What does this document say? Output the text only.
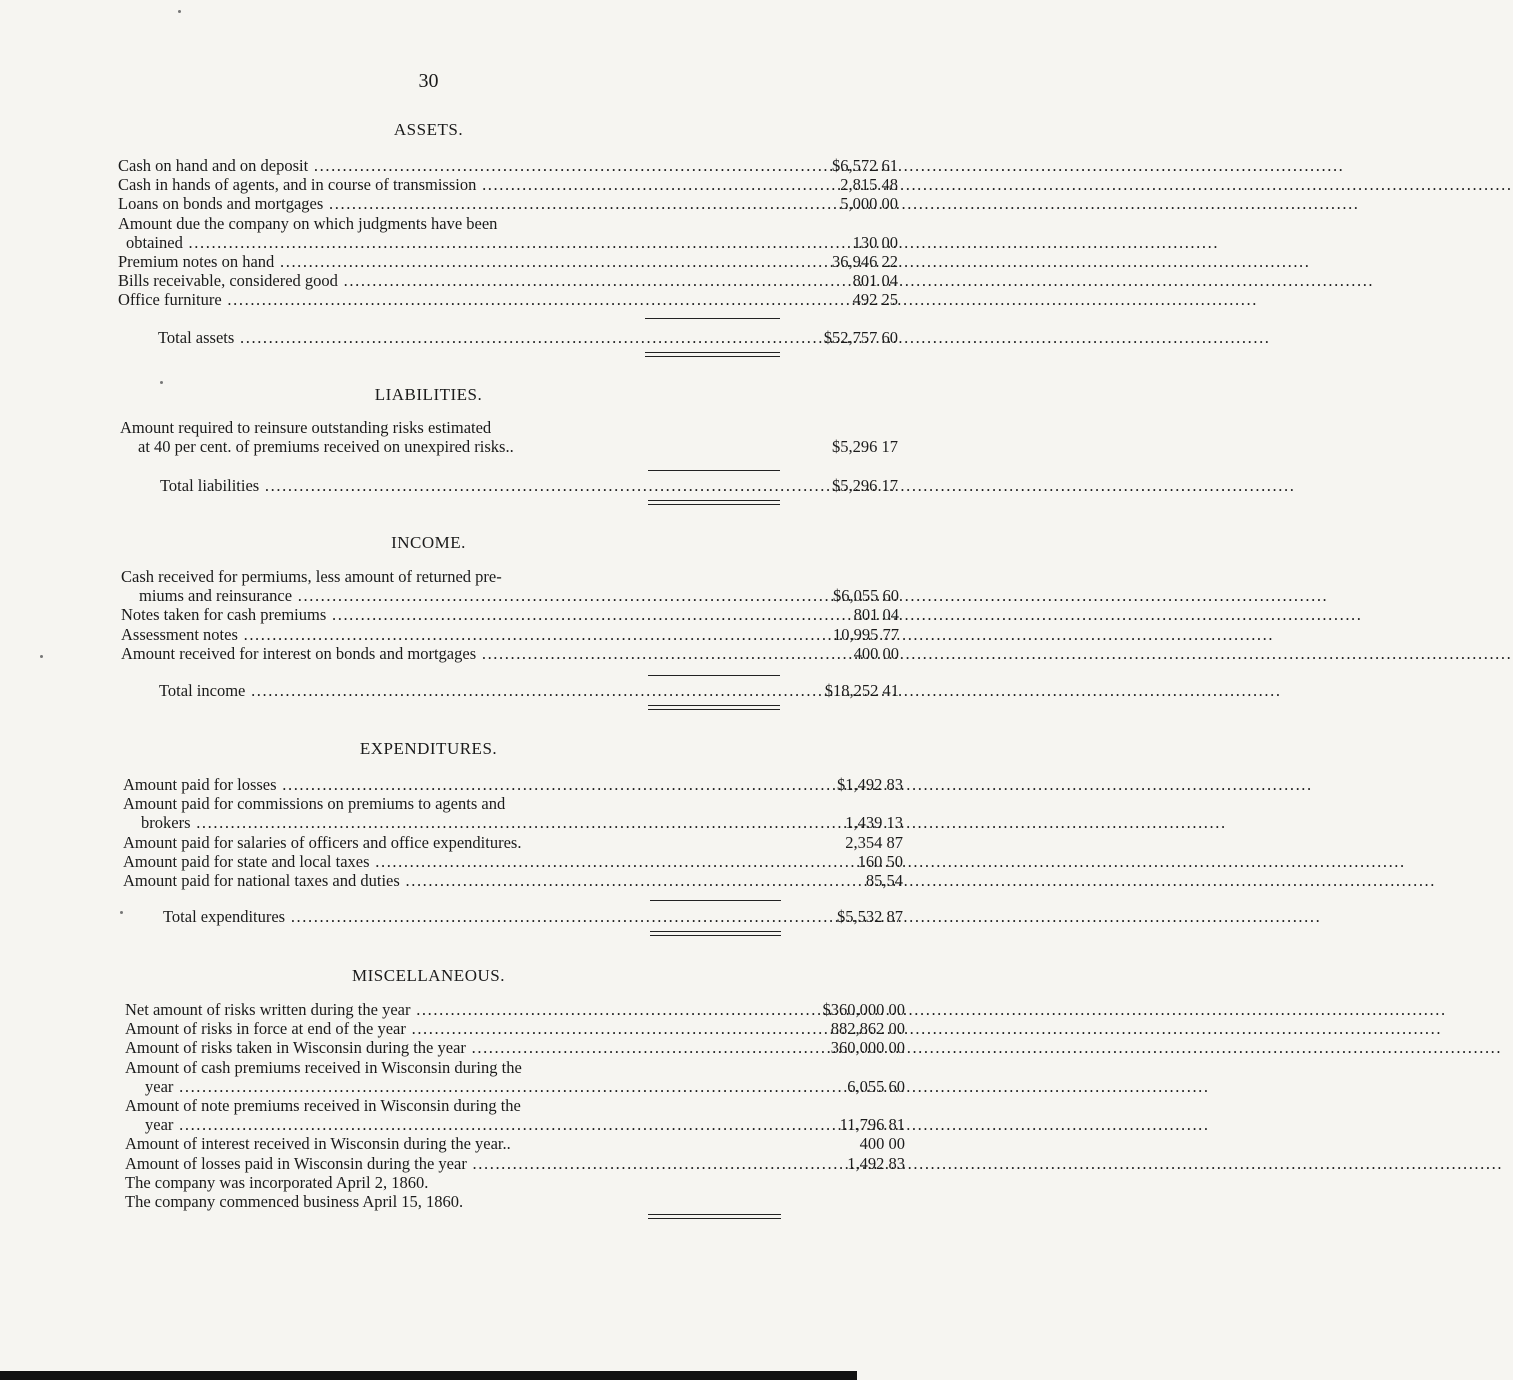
30
ASSETS.
Cash on hand and on deposit .....	$6,572 61
Cash in hands of agents, and in course of transmission .....	2,815 48
Loans on bonds and mortgages .....	5,000 00
Amount due the company on which judgments have been
obtained .....	130 00
Premium notes on hand .....	36,946 22
Bills receivable, considered good .....	801 04
Office furniture .....	492 25
Total assets .....	$52,757 60
LIABILITIES.
Amount required to reinsure outstanding risks estimated
at 40 per cent. of premiums received on unexpired risks..	$5,296 17
Total liabilities .....	$5,296 17
INCOME.
Cash received for permiums, less amount of returned pre-
miums and reinsurance .....	$6,055 60
Notes taken for cash premiums .....	801 04
Assessment notes .....	10,995 77
Amount received for interest on bonds and mortgages .....	400 00
Total income .....	$18,252 41
EXPENDITURES.
Amount paid for losses .....	$1,492 83
Amount paid for commissions on premiums to agents and
brokers .....	1,439 13
Amount paid for salaries of officers and office expenditures.	2,354 87
Amount paid for state and local taxes .....	160 50
Amount paid for national taxes and duties .....	85,54
Total expenditures .....	$5,532 87
MISCELLANEOUS.
Net amount of risks written during the year .....	$360,000 00
Amount of risks in force at end of the year .....	882,862 00
Amount of risks taken in Wisconsin during the year .....	360,000 00
Amount of cash premiums received in Wisconsin during the
year .....	6,055 60
Amount of note premiums received in Wisconsin during the
year .....	11,796 81
Amount of interest received in Wisconsin during the year..	400 00
Amount of losses paid in Wisconsin during the year .....	1,492 83
The company was incorporated April 2, 1860.
The company commenced business April 15, 1860.
